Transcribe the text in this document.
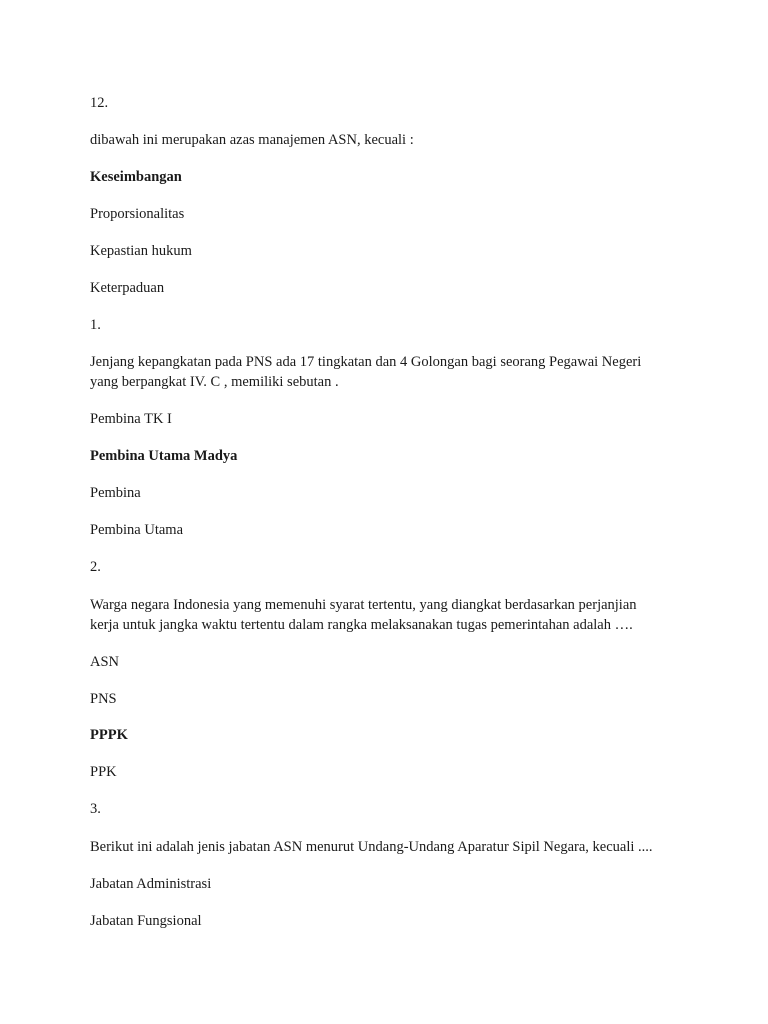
12.
dibawah ini merupakan azas manajemen ASN, kecuali :
Keseimbangan
Proporsionalitas
Kepastian hukum
Keterpaduan
1.
Jenjang kepangkatan pada PNS ada 17 tingkatan dan 4 Golongan bagi seorang Pegawai Negeri
yang berpangkat IV. C , memiliki sebutan .
Pembina TK I
Pembina Utama Madya
Pembina
Pembina Utama
2.
Warga negara Indonesia yang memenuhi syarat tertentu, yang diangkat berdasarkan perjanjian
kerja untuk jangka waktu tertentu dalam rangka melaksanakan tugas pemerintahan adalah ….
ASN
PNS
PPPK
PPK
3.
Berikut ini adalah jenis jabatan ASN menurut Undang-Undang Aparatur Sipil Negara, kecuali ....
Jabatan Administrasi
Jabatan Fungsional
